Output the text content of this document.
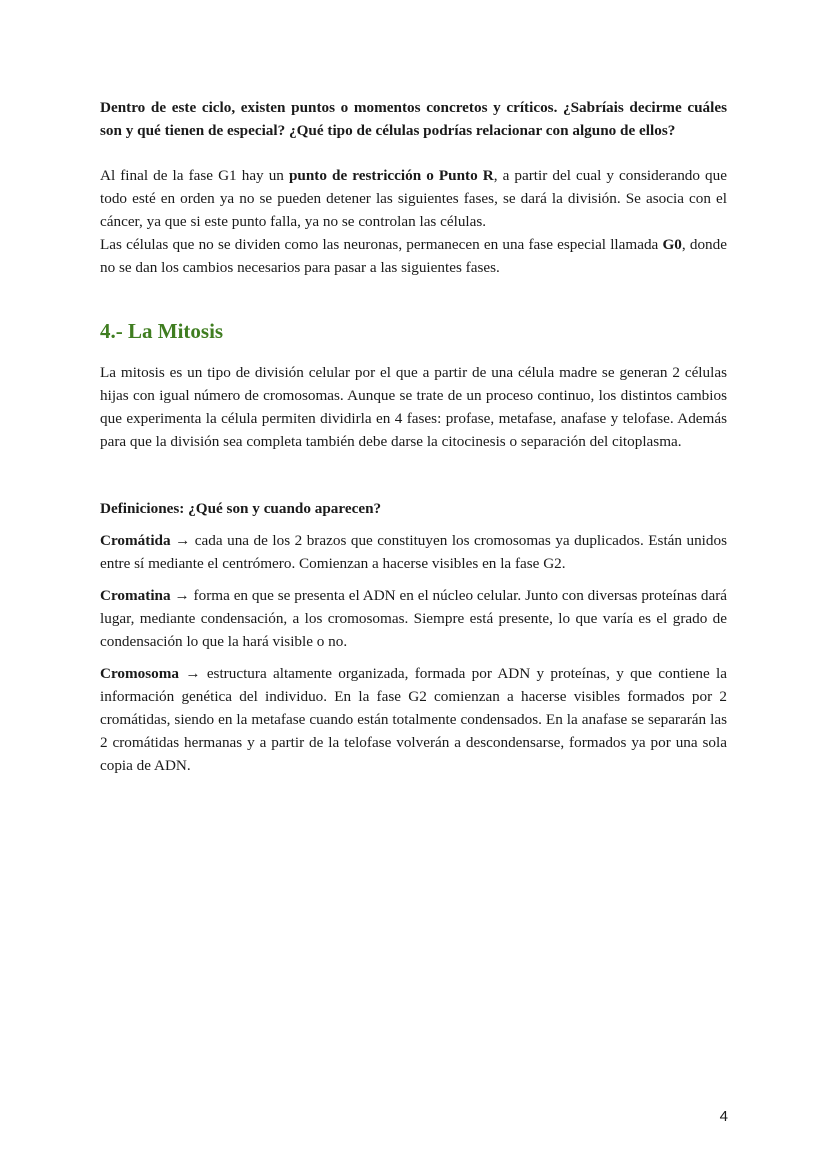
Dentro de este ciclo, existen puntos o momentos concretos y críticos. ¿Sabríais decirme cuáles son y qué tienen de especial? ¿Qué tipo de células podrías relacionar con alguno de ellos?

Al final de la fase G1 hay un punto de restricción o Punto R, a partir del cual y considerando que todo esté en orden ya no se pueden detener las siguientes fases, se dará la división. Se asocia con el cáncer, ya que si este punto falla, ya no se controlan las células.

Las células que no se dividen como las neuronas, permanecen en una fase especial llamada G0, donde no se dan los cambios necesarios para pasar a las siguientes fases.

4.- La Mitosis

La mitosis es un tipo de división celular por el que a partir de una célula madre se generan 2 células hijas con igual número de cromosomas. Aunque se trate de un proceso continuo, los distintos cambios que experimenta la célula permiten dividirla en 4 fases: profase, metafase, anafase y telofase. Además para que la división sea completa también debe darse la citocinesis o separación del citoplasma.

Definiciones: ¿Qué son y cuando aparecen?

Cromátida → cada una de los 2 brazos que constituyen los cromosomas ya duplicados. Están unidos entre sí mediante el centrómero. Comienzan a hacerse visibles en la fase G2.

Cromatina → forma en que se presenta el ADN en el núcleo celular. Junto con diversas proteínas dará lugar, mediante condensación, a los cromosomas. Siempre está presente, lo que varía es el grado de condensación lo que la hará visible o no.

Cromosoma → estructura altamente organizada, formada por ADN y proteínas, y que contiene la información genética del individuo. En la fase G2 comienzan a hacerse visibles formados por 2 cromátidas, siendo en la metafase cuando están totalmente condensados. En la anafase se separarán las 2 cromátidas hermanas y a partir de la telofase volverán a descondensarse, formados ya por una sola copia de ADN.

4
